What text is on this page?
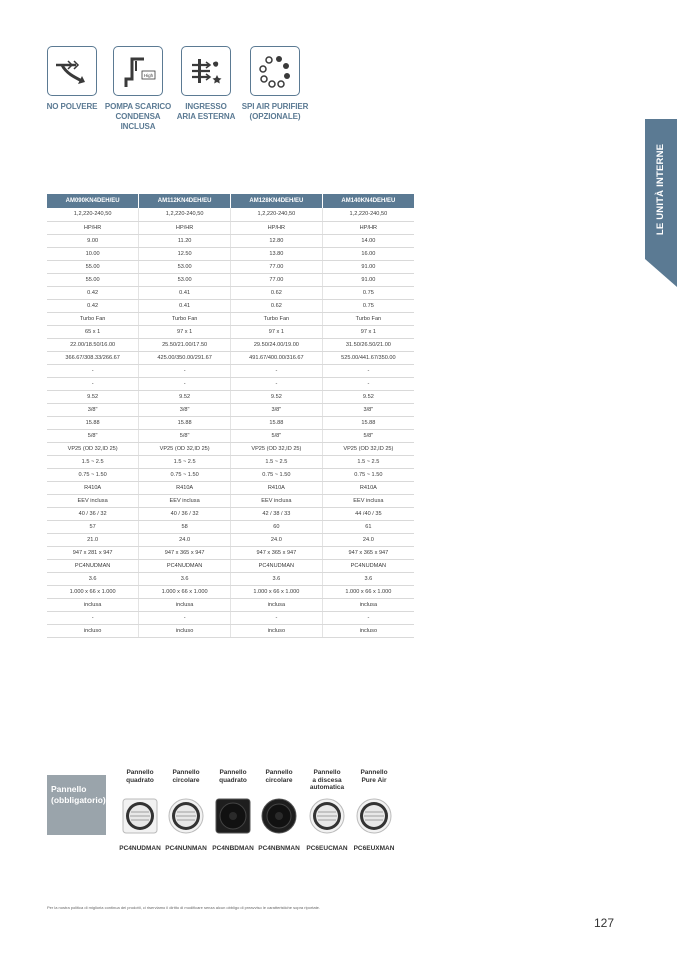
NO POLVERE
High
POMPA SCARICO
CONDENSA
INCLUSA
INGRESSO
ARIA ESTERNA
SPI AIR PURIFIER
(OPZIONALE)
LE UNITÀ INTERNE
AM090KN4DEH/EU	AM112KN4DEH/EU	AM128KN4DEH/EU	AM140KN4DEH/EU
1,2,220-240,50	1,2,220-240,50	1,2,220-240,50	1,2,220-240,50
HP/HR	HP/HR	HP/HR	HP/HR
9.00	11.20	12.80	14.00
10.00	12.50	13.80	16.00
55.00	53.00	77.00	91.00
55.00	53.00	77.00	91.00
0.42	0.41	0.62	0.75
0.42	0.41	0.62	0.75
Turbo Fan	Turbo Fan	Turbo Fan	Turbo Fan
65 x 1	97 x 1	97 x 1	97 x 1
22.00/18.50/16.00	25.50/21.00/17.50	29.50/24.00/19.00	31.50/26.50/21.00
366.67/308.33/266.67	425.00/350.00/291.67	491.67/400.00/316.67	525.00/441.67/350.00
-	-	-	-
-	-	-	-
9.52	9.52	9.52	9.52
3/8"	3/8"	3/8"	3/8"
15.88	15.88	15.88	15.88
5/8"	5/8"	5/8"	5/8"
VP25 (OD 32,ID 25)	VP25 (OD 32,ID 25)	VP25 (OD 32,ID 25)	VP25 (OD 32,ID 25)
1.5 ~ 2.5	1.5 ~ 2.5	1.5 ~ 2.5	1.5 ~ 2.5
0.75 ~ 1.50	0.75 ~ 1.50	0.75 ~ 1.50	0.75 ~ 1.50
R410A	R410A	R410A	R410A
EEV inclusa	EEV inclusa	EEV inclusa	EEV inclusa
40 / 36 / 32	40 / 36 / 32	42 / 38 / 33	44 /40 / 35
57	58	60	61
21.0	24.0	24.0	24.0
947 x 281 x 947	947 x 365 x 947	947 x 365 x 947	947 x 365 x 947
PC4NUDMAN	PC4NUDMAN	PC4NUDMAN	PC4NUDMAN
3.6	3.6	3.6	3.6
1.000 x 66 x 1.000	1.000 x 66 x 1.000	1.000 x 66 x 1.000	1.000 x 66 x 1.000
inclusa	inclusa	inclusa	inclusa
-	-	-	-
incluso	incluso	incluso	incluso
Pannello
(obbligatorio)
Pannello
quadrato
Pannello
circolare
Pannello
quadrato
Pannello
circolare
Pannello
a discesa
automatica
Pannello
Pure Air
PC4NUDMAN PC4NUNMAN PC4NBDMAN PC4NBNMAN	PC6EUCMAN PC6EUXMAN
Per la nostra politica di miglioria continua dei prodotti, ci riserviamo il diritto di modificare senza alcun obbligo di preavviso le caratteristiche sopra riportate.
127
